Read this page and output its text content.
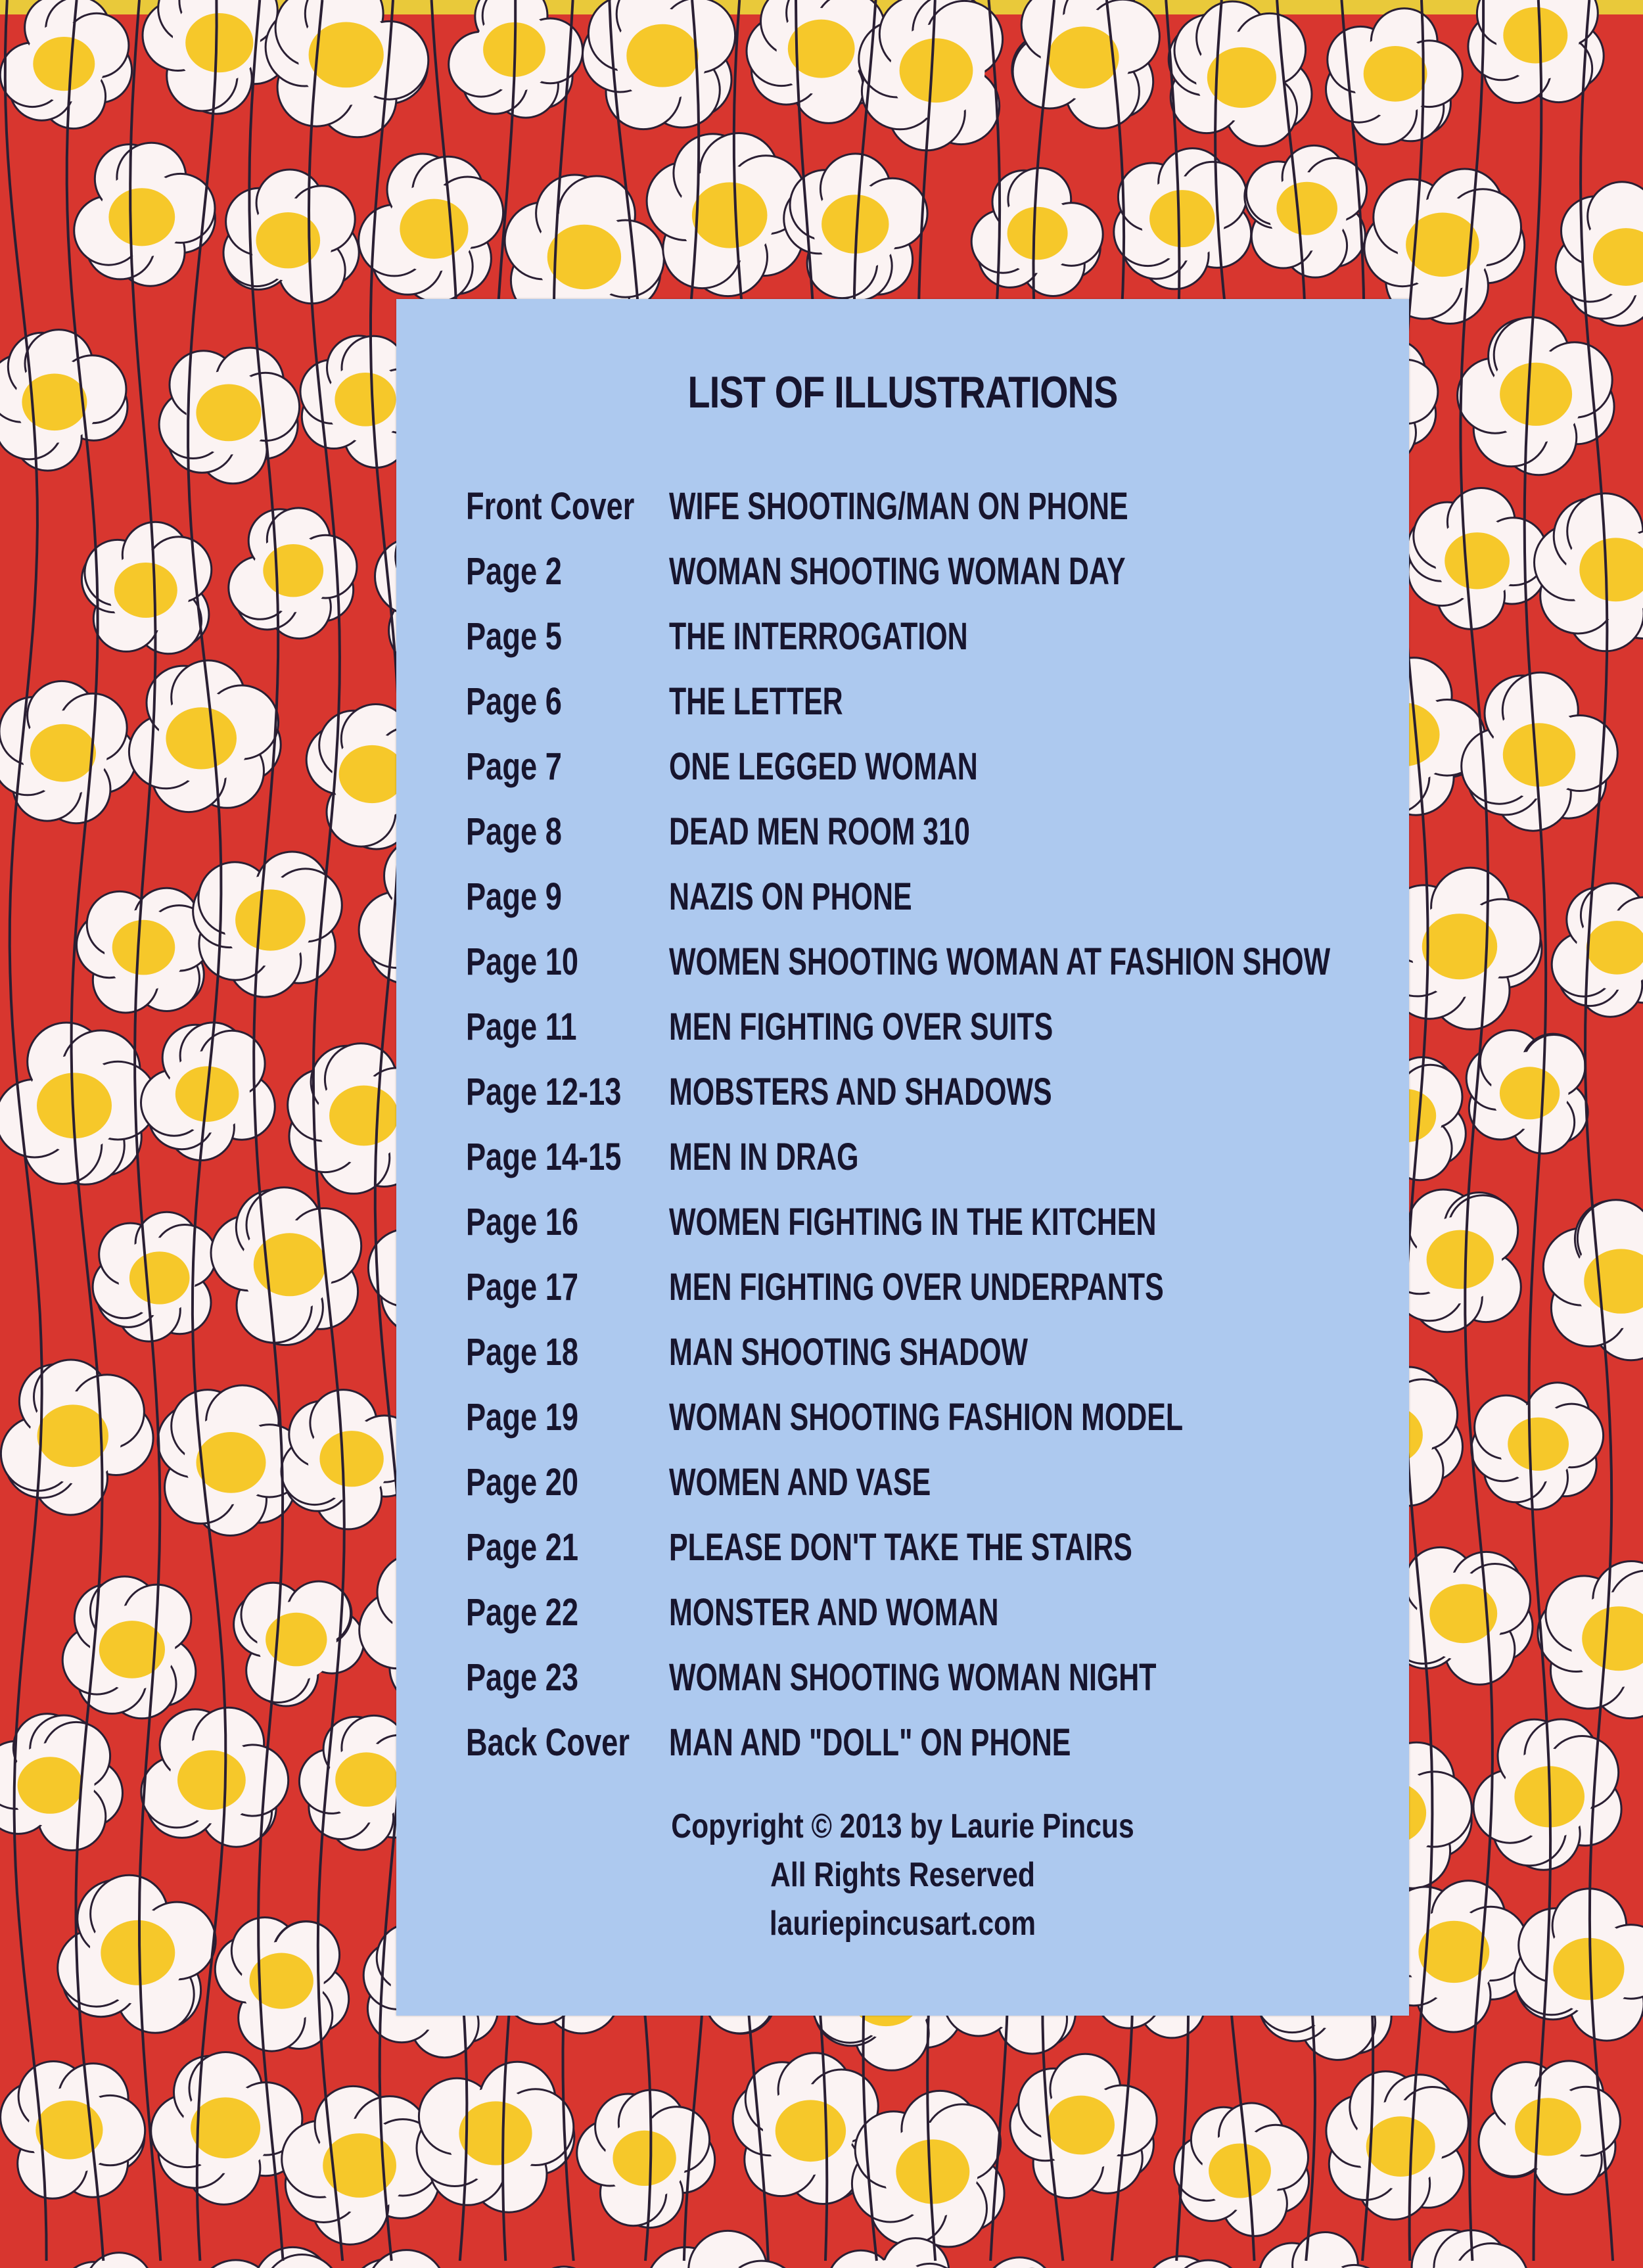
LIST OF ILLUSTRATIONS
Front Cover WIFE SHOOTING/MAN ON PHONE
Page 2	WOMAN SHOOTING WOMAN DAY
Page 5	THE INTERROGATION
Page 6	THE LETTER
Page 7	ONE LEGGED WOMAN
Page 8	DEAD MEN ROOM 310
Page 9	NAZIS ON PHONE
Page 10 WOMEN SHOOTING WOMAN AT FASHION SHOW
Page 11 MEN FIGHTING OVER SUITS
Page 12-13 MOBSTERS AND SHADOWS
Page 14-15 MEN IN DRAG
Page 16 WOMEN FIGHTING IN THE KITCHEN
Page 17 MEN FIGHTING OVER UNDERPANTS
Page 18 MAN SHOOTING SHADOW
Page 19 WOMAN SHOOTING FASHION MODEL
Page 20 WOMEN AND VASE
Page 21 PLEASE DON'T TAKE THE STAIRS
Page 22 MONSTER AND WOMAN
Page 23 WOMAN SHOOTING WOMAN NIGHT
Back Cover MAN AND "DOLL" ON PHONE
Copyright © 2013 by Laurie Pincus
All Rights Reserved
lauriepincusart.com
